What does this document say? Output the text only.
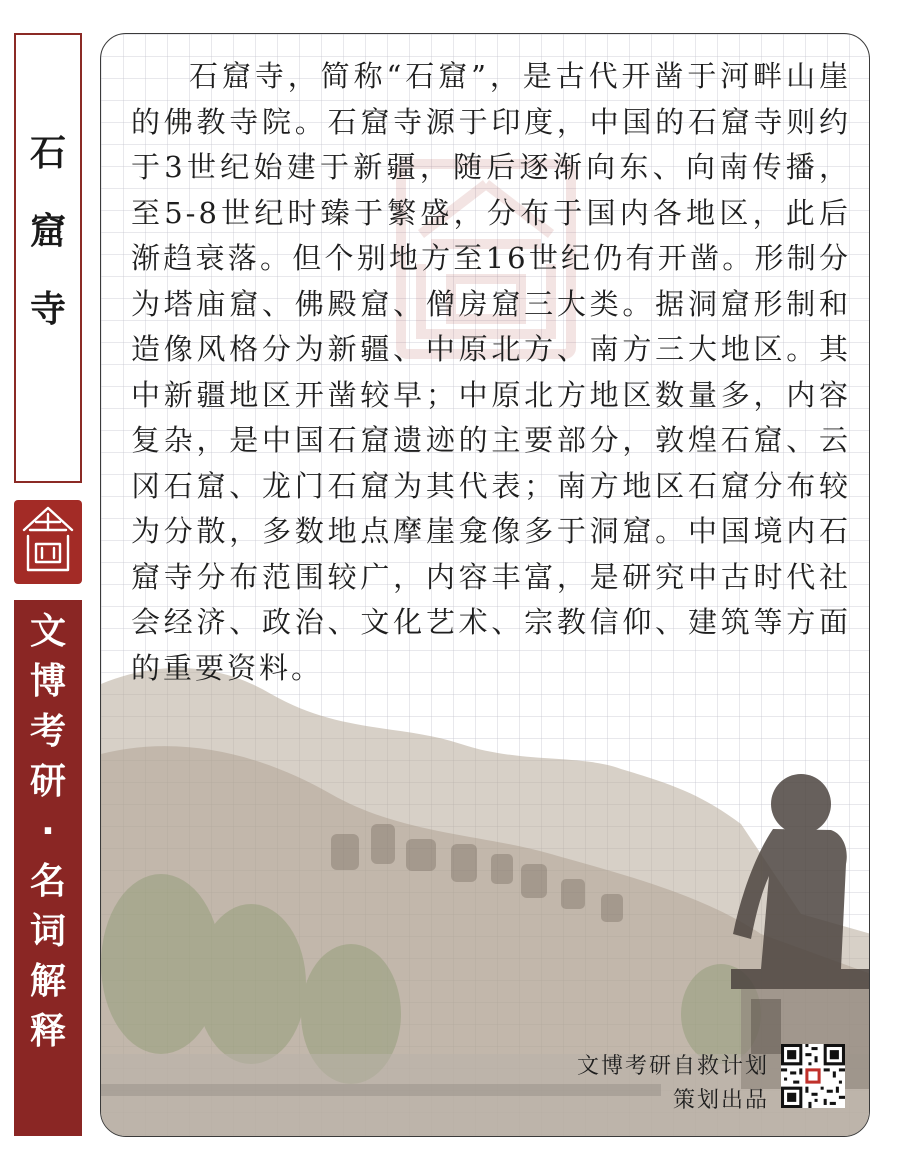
石
窟
寺
文
博
考
研
·
名
词
解
释

石窟寺，简称“石窟”，是古代开凿于河畔山崖的佛教寺院。石窟寺源于印度，中国的石窟寺则约于3世纪始建于新疆，随后逐渐向东、向南传播，至5-8世纪时臻于繁盛，分布于国内各地区，此后渐趋衰落。但个别地方至16世纪仍有开凿。形制分为塔庙窟、佛殿窟、僧房窟三大类。据洞窟形制和造像风格分为新疆、中原北方、南方三大地区。其中新疆地区开凿较早；中原北方地区数量多，内容复杂，是中国石窟遗迹的主要部分，敦煌石窟、云冈石窟、龙门石窟为其代表；南方地区石窟分布较为分散，多数地点摩崖龛像多于洞窟。中国境内石窟寺分布范围较广，内容丰富，是研究中古时代社会经济、政治、文化艺术、宗教信仰、建筑等方面的重要资料。

文博考研自救计划
策划出品
